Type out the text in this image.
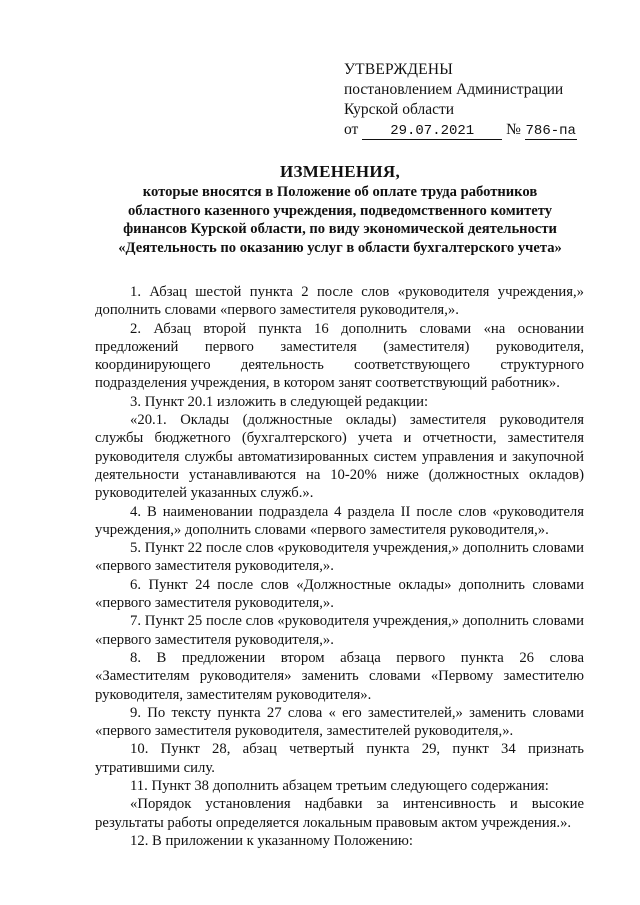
УТВЕРЖДЕНЫ
постановлением Администрации
Курской области
от 29.07.2021 № 786-па
ИЗМЕНЕНИЯ,
которые вносятся в Положение об оплате труда работников
областного казенного учреждения, подведомственного комитету
финансов Курской области, по виду экономической деятельности
«Деятельность по оказанию услуг в области бухгалтерского учета»

1. Абзац шестой пункта 2 после слов «руководителя учреждения,» дополнить словами «первого заместителя руководителя,».

2. Абзац второй пункта 16 дополнить словами «на основании предложений первого заместителя (заместителя) руководителя, координирующего деятельность соответствующего структурного подразделения учреждения, в котором занят соответствующий работник».

3. Пункт 20.1 изложить в следующей редакции:

«20.1. Оклады (должностные оклады) заместителя руководителя службы бюджетного (бухгалтерского) учета и отчетности, заместителя руководителя службы автоматизированных систем управления и закупочной деятельности устанавливаются на 10-20% ниже (должностных окладов) руководителей указанных служб.».

4. В наименовании подраздела 4 раздела II после слов «руководителя учреждения,» дополнить словами «первого заместителя руководителя,».

5. Пункт 22 после слов «руководителя учреждения,» дополнить словами «первого заместителя руководителя,».

6. Пункт 24 после слов «Должностные оклады» дополнить словами «первого заместителя руководителя,».

7. Пункт 25 после слов «руководителя учреждения,» дополнить словами «первого заместителя руководителя,».

8. В предложении втором абзаца первого пункта 26 слова «Заместителям руководителя» заменить словами «Первому заместителю руководителя, заместителям руководителя».

9. По тексту пункта 27 слова « его заместителей,» заменить словами «первого заместителя руководителя, заместителей руководителя,».

10. Пункт 28, абзац четвертый пункта 29, пункт 34 признать утратившими силу.

11. Пункт 38 дополнить абзацем третьим следующего содержания:

«Порядок установления надбавки за интенсивность и высокие результаты работы определяется локальным правовым актом учреждения.».

12. В приложении к указанному Положению:
